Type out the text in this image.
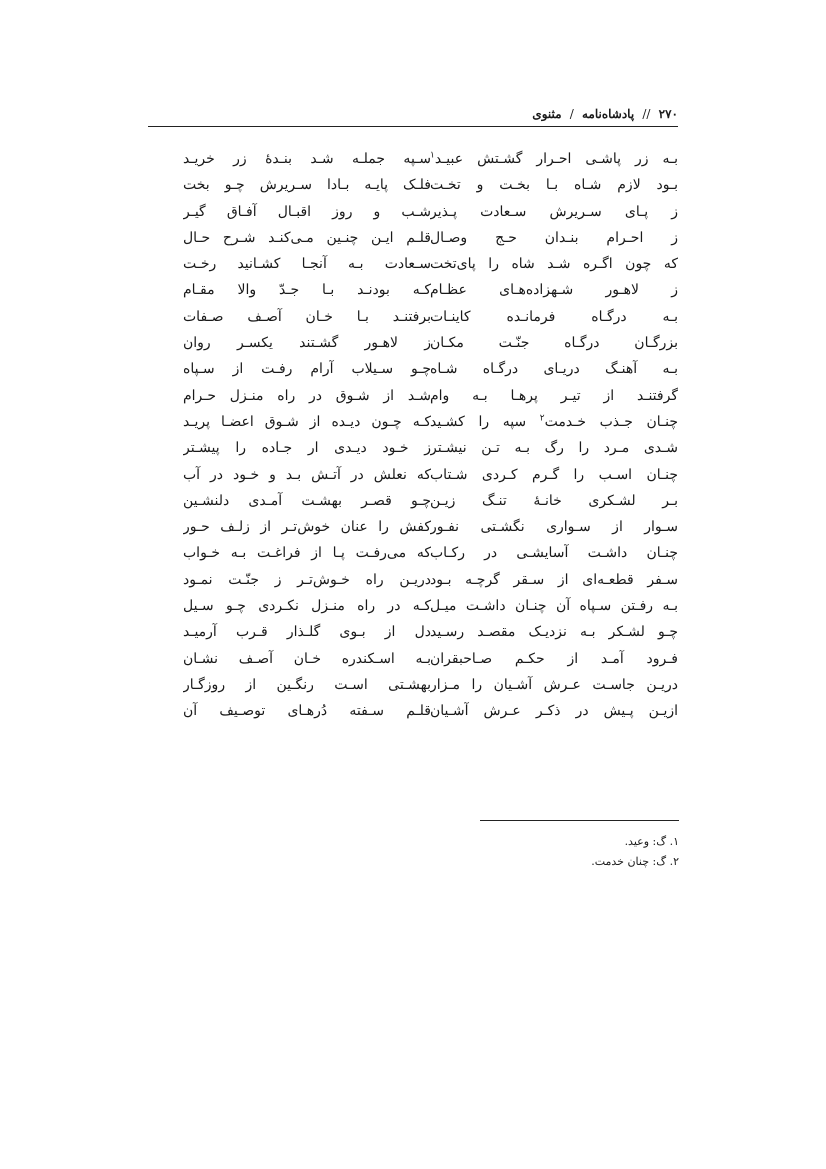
۲۷۰ // پادشاه‌نامه / مثنوی
بـه زر پاشـی احـرار گشـتش عبیـد$^۱$
بـود لازم شـاه بـا بخـت و تخـت
ز پـای سـریرش سـعادت پـذیر
ز احـرام بنـدان حـج وصـال
که چون اگـره شـد شاه را پای‌تخت
ز لاهـور شـهزاده‌هـای عظـام
بـه درگـاه فرمانـده کاینـات
بزرگـان درگـاه جنّـت مکـان
بـه آهنـگ دریـای درگـاه شـاه
گرفتنـد از تیـر پرهـا بـه وام
چنـان جـذب خـدمت$^۲$ سپه را کشـید
شـدی مـرد را رگ بـه تـن نیشـتر
چنـان اسـب را گـرم کـردی شـتاب
بـر لشـکری خانـهٔ تنـگ زیـن
سـوار از سـواری نگشـتی نفـور
چنـان داشـت آسایشـی در رکـاب
سـفر قطعـه‌ای از سـقر گرچـه بـود
بـه رفـتن سـپاه آن چنـان داشـت میـل
چـو لشـکر بـه نزدیـک مقصـد رسـید
فـرود آمـد از حکـم صـاحبقران
دریـن جاسـت عـرش آشـیان را مـزار
ازیـن پـیش در ذکـر عـرش آشـیان
سـپه جملـه شـد بنـدهٔ زر خریـد
فلـک پایـه بـادا سـریرش چـو بخت
شـب و روز اقبـال آفـاق گیـر
قلـم ایـن چنـین مـی‌کنـد شـرح حـال
سـعادت بـه آنجـا کشـانید رخـت
کـه بودنـد بـا جـدّ والا مقـام
برفتنـد بـا خـان آصـف صـفات
ز لاهـور گشـتند یکسـر روان
چـو سـیلاب آرام رفـت از سـپاه
شـد از شـوق در راه منـزل حـرام
کـه چـون دیـده از شـوق اعضـا پریـد
ز خـود دیـدی ار جـاده را پیشـتر
که نعلش در آتـش بـد و خـود در آب
چـو قصـر بهشـت آمـدی دلنشـین
کفش را عنان خوش‌تـر از زلـف حـور
که می‌رفـت پـا از فراغـت بـه خـواب
دریـن راه خـوش‌تـر ز جنّـت نمـود
کـه در راه منـزل نکـردی چـو سـیل
دل از بـوی گلـذار قـرب آرمیـد
بـه اسـکندره خـان آصـف نشـان
بهشـتی اسـت رنگـین از روزگـار
قلـم سـفته دُرهـای توصـیف آن
۱. گ: وعید.
۲. گ: چنان خدمت.
